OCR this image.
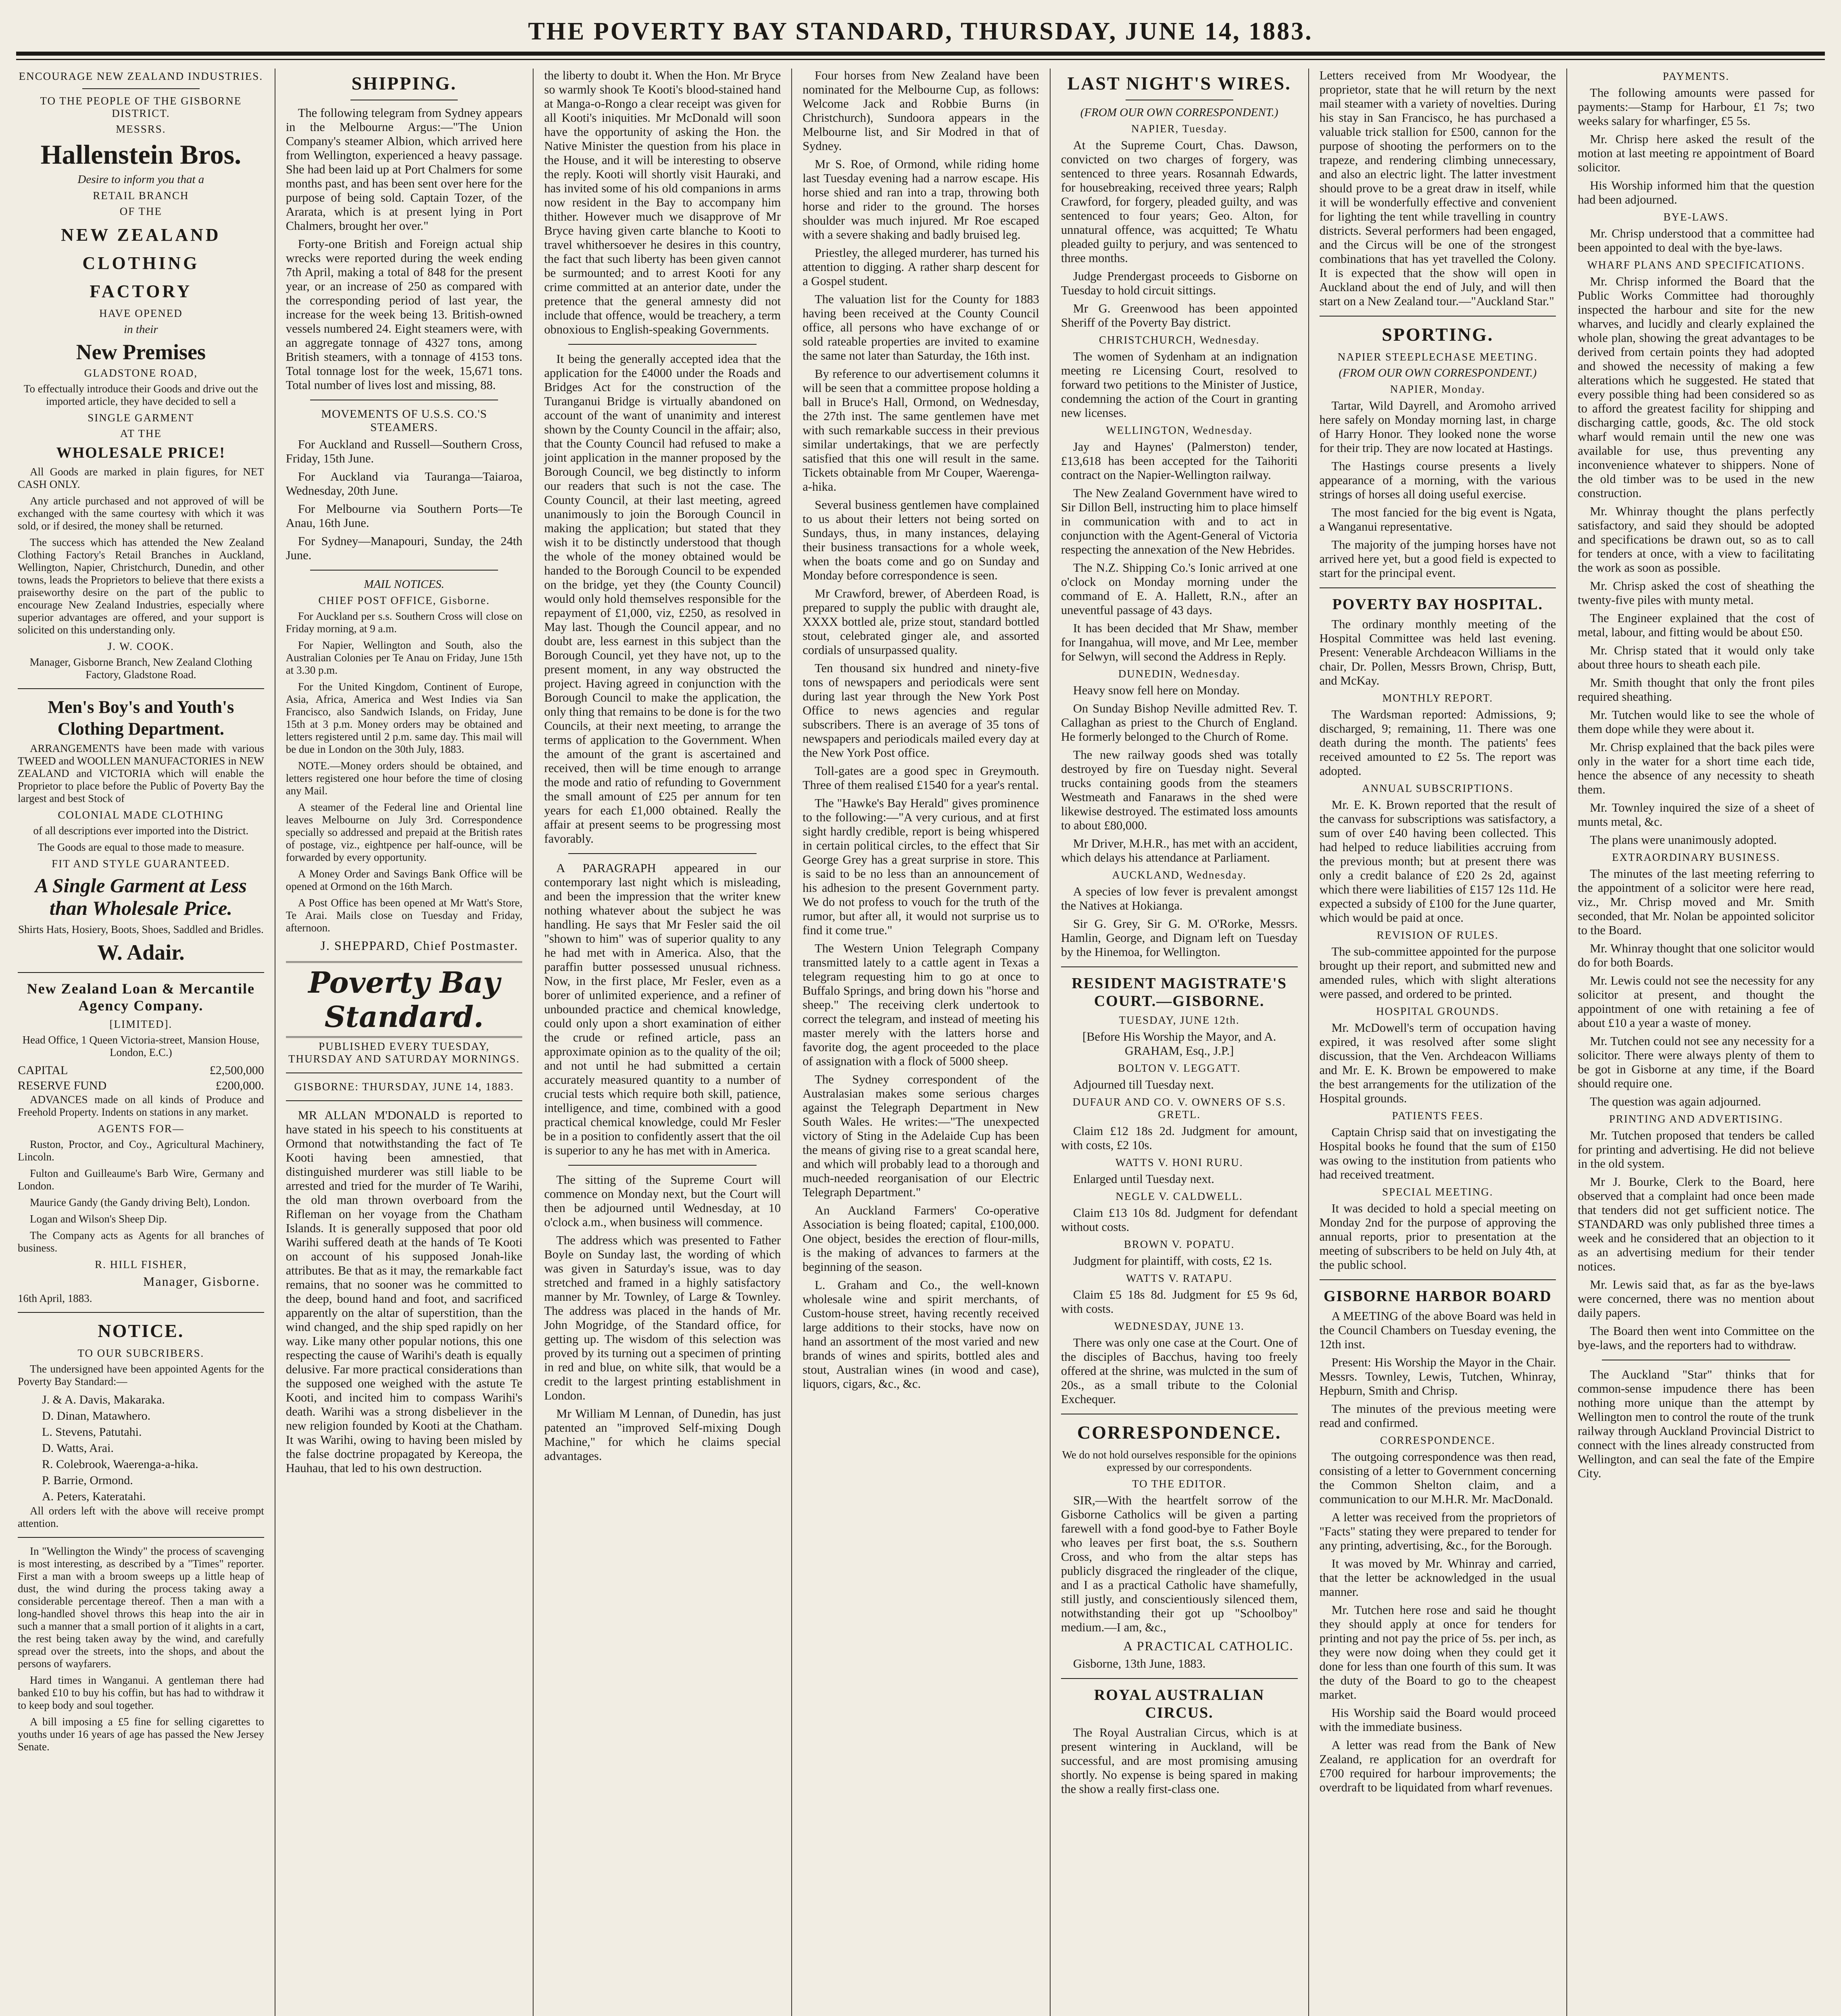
THE POVERTY BAY STANDARD, THURSDAY, JUNE 14, 1883.
ENCOURAGE NEW ZEALAND INDUSTRIES.
TO THE PEOPLE OF THE GISBORNE DISTRICT.
MESSRS.
Hallenstein Bros.
Desire to inform you that a
RETAIL BRANCH
OF THE
NEW ZEALAND
CLOTHING
FACTORY
HAVE OPENED
in their
New Premises
GLADSTONE ROAD,

To effectually introduce their Goods and drive out the imported article, they have decided to sell a

SINGLE GARMENT
AT THE
WHOLESALE PRICE!

All Goods are marked in plain figures, for NET CASH ONLY.

Any article purchased and not approved of will be exchanged with the same courtesy with which it was sold, or if desired, the money shall be returned.

The success which has attended the New Zealand Clothing Factory's Retail Branches in Auckland, Wellington, Napier, Christchurch, Dunedin, and other towns, leads the Proprietors to believe that there exists a praiseworthy desire on the part of the public to encourage New Zealand Industries, especially where superior advantages are offered, and your support is solicited on this understanding only.

J. W. COOK.

Manager, Gisborne Branch, New Zealand Clothing Factory, Gladstone Road.

Men's Boy's and Youth's Clothing Department.

ARRANGEMENTS have been made with various TWEED and WOOLLEN MANUFACTORIES in NEW ZEALAND and VICTORIA which will enable the Proprietor to place before the Public of Poverty Bay the largest and best Stock of

COLONIAL MADE CLOTHING

of all descriptions ever imported into the District.

The Goods are equal to those made to measure.

FIT AND STYLE GUARANTEED.
A Single Garment at Less than Wholesale Price.

Shirts Hats, Hosiery, Boots, Shoes, Saddled and Bridles.

W. Adair.
New Zealand Loan & Mercantile Agency Company.
[LIMITED].

Head Office, 1 Queen Victoria-street, Mansion House, London, E.C.)

CAPITAL	£2,500,000
RESERVE FUND	£200,000.

ADVANCES made on all kinds of Produce and Freehold Property. Indents on stations in any market.

AGENTS FOR—

Ruston, Proctor, and Coy., Agricultural Machinery, Lincoln.

Fulton and Guilleaume's Barb Wire, Germany and London.

Maurice Gandy (the Gandy driving Belt), London.

Logan and Wilson's Sheep Dip.

The Company acts as Agents for all branches of business.

R. HILL FISHER,
Manager, Gisborne.

16th April, 1883.

NOTICE.
TO OUR SUBCRIBERS.

The undersigned have been appointed Agents for the Poverty Bay Standard:—

J. & A. Davis, Makaraka.
D. Dinan, Matawhero.
L. Stevens, Patutahi.
D. Watts, Arai.
R. Colebrook, Waerenga-a-hika.
P. Barrie, Ormond.
A. Peters, Kateratahi.

All orders left with the above will receive prompt attention.

In "Wellington the Windy" the process of scavenging is most interesting, as described by a "Times" reporter. First a man with a broom sweeps up a little heap of dust, the wind during the process taking away a considerable percentage thereof. Then a man with a long-handled shovel throws this heap into the air in such a manner that a small portion of it alights in a cart, the rest being taken away by the wind, and carefully spread over the streets, into the shops, and about the persons of wayfarers.

Hard times in Wanganui. A gentleman there had banked £10 to buy his coffin, but has had to withdraw it to keep body and soul together.

A bill imposing a £5 fine for selling cigarettes to youths under 16 years of age has passed the New Jersey Senate.

SHIPPING.

The following telegram from Sydney appears in the Melbourne Argus:—"The Union Company's steamer Albion, which arrived here from Wellington, experienced a heavy passage. She had been laid up at Port Chalmers for some months past, and has been sent over here for the purpose of being sold. Captain Tozer, of the Ararata, which is at present lying in Port Chalmers, brought her over."

Forty-one British and Foreign actual ship wrecks were reported during the week ending 7th April, making a total of 848 for the present year, or an increase of 250 as compared with the corresponding period of last year, the increase for the week being 13. British-owned vessels numbered 24. Eight steamers were, with an aggregate tonnage of 4327 tons, among British steamers, with a tonnage of 4153 tons. Total tonnage lost for the week, 15,671 tons. Total number of lives lost and missing, 88.

MOVEMENTS OF U.S.S. CO.'S STEAMERS.

For Auckland and Russell—Southern Cross, Friday, 15th June.

For Auckland via Tauranga—Taiaroa, Wednesday, 20th June.

For Melbourne via Southern Ports—Te Anau, 16th June.

For Sydney—Manapouri, Sunday, the 24th June.

MAIL NOTICES.
CHIEF POST OFFICE, Gisborne.

For Auckland per s.s. Southern Cross will close on Friday morning, at 9 a.m.

For Napier, Wellington and South, also the Australian Colonies per Te Anau on Friday, June 15th at 3.30 p.m.

For the United Kingdom, Continent of Europe, Asia, Africa, America and West Indies via San Francisco, also Sandwich Islands, on Friday, June 15th at 3 p.m. Money orders may be obtained and letters registered until 2 p.m. same day. This mail will be due in London on the 30th July, 1883.

NOTE.—Money orders should be obtained, and letters registered one hour before the time of closing any Mail.

A steamer of the Federal line and Oriental line leaves Melbourne on July 3rd. Correspondence specially so addressed and prepaid at the British rates of postage, viz., eightpence per half-ounce, will be forwarded by every opportunity.

A Money Order and Savings Bank Office will be opened at Ormond on the 16th March.

A Post Office has been opened at Mr Watt's Store, Te Arai. Mails close on Tuesday and Friday, afternoon.

J. SHEPPARD, Chief Postmaster.
Poverty Bay Standard.
PUBLISHED EVERY TUESDAY, THURSDAY AND SATURDAY MORNINGS.
GISBORNE: THURSDAY, JUNE 14, 1883.

MR ALLAN M'DONALD is reported to have stated in his speech to his constituents at Ormond that notwithstanding the fact of Te Kooti having been amnestied, that distinguished murderer was still liable to be arrested and tried for the murder of Te Warihi, the old man thrown overboard from the Rifleman on her voyage from the Chatham Islands. It is generally supposed that poor old Warihi suffered death at the hands of Te Kooti on account of his supposed Jonah-like attributes. Be that as it may, the remarkable fact remains, that no sooner was he committed to the deep, bound hand and foot, and sacrificed apparently on the altar of superstition, than the wind changed, and the ship sped rapidly on her way. Like many other popular notions, this one respecting the cause of Warihi's death is equally delusive. Far more practical considerations than the supposed one weighed with the astute Te Kooti, and incited him to compass Warihi's death. Warihi was a strong disbeliever in the new religion founded by Kooti at the Chatham. It was Warihi, owing to having been misled by the false doctrine propagated by Kereopa, the Hauhau, that led to his own destruction.

the liberty to doubt it. When the Hon. Mr Bryce so warmly shook Te Kooti's blood-stained hand at Manga-o-Rongo a clear receipt was given for all Kooti's iniquities. Mr McDonald will soon have the opportunity of asking the Hon. the Native Minister the question from his place in the House, and it will be interesting to observe the reply. Kooti will shortly visit Hauraki, and has invited some of his old companions in arms now resident in the Bay to accompany him thither. However much we disapprove of Mr Bryce having given carte blanche to Kooti to travel whithersoever he desires in this country, the fact that such liberty has been given cannot be surmounted; and to arrest Kooti for any crime committed at an anterior date, under the pretence that the general amnesty did not include that offence, would be treachery, a term obnoxious to English-speaking Governments.

It being the generally accepted idea that the application for the £4000 under the Roads and Bridges Act for the construction of the Turanganui Bridge is virtually abandoned on account of the want of unanimity and interest shown by the County Council in the affair; also, that the County Council had refused to make a joint application in the manner proposed by the Borough Council, we beg distinctly to inform our readers that such is not the case. The County Council, at their last meeting, agreed unanimously to join the Borough Council in making the application; but stated that they wish it to be distinctly understood that though the whole of the money obtained would be handed to the Borough Council to be expended on the bridge, yet they (the County Council) would only hold themselves responsible for the repayment of £1,000, viz, £250, as resolved in May last. Though the Council appear, and no doubt are, less earnest in this subject than the Borough Council, yet they have not, up to the present moment, in any way obstructed the project. Having agreed in conjunction with the Borough Council to make the application, the only thing that remains to be done is for the two Councils, at their next meeting, to arrange the terms of application to the Government. When the amount of the grant is ascertained and received, then will be time enough to arrange the mode and ratio of refunding to Government the small amount of £25 per annum for ten years for each £1,000 obtained. Really the affair at present seems to be progressing most favorably.

A PARAGRAPH appeared in our contemporary last night which is misleading, and been the impression that the writer knew nothing whatever about the subject he was handling. He says that Mr Fesler said the oil "shown to him" was of superior quality to any he had met with in America. Also, that the paraffin butter possessed unusual richness. Now, in the first place, Mr Fesler, even as a borer of unlimited experience, and a refiner of unbounded practice and chemical knowledge, could only upon a short examination of either the crude or refined article, pass an approximate opinion as to the quality of the oil; and not until he had submitted a certain accurately measured quantity to a number of crucial tests which require both skill, patience, intelligence, and time, combined with a good practical chemical knowledge, could Mr Fesler be in a position to confidently assert that the oil is superior to any he has met with in America.

The sitting of the Supreme Court will commence on Monday next, but the Court will then be adjourned until Wednesday, at 10 o'clock a.m., when business will commence.

The address which was presented to Father Boyle on Sunday last, the wording of which was given in Saturday's issue, was to day stretched and framed in a highly satisfactory manner by Mr. Townley, of Large & Townley. The address was placed in the hands of Mr. John Mogridge, of the Standard office, for getting up. The wisdom of this selection was proved by its turning out a specimen of printing in red and blue, on white silk, that would be a credit to the largest printing establishment in London.

Mr William M Lennan, of Dunedin, has just patented an "improved Self-mixing Dough Machine," for which he claims special advantages.

Four horses from New Zealand have been nominated for the Melbourne Cup, as follows: Welcome Jack and Robbie Burns (in Christchurch), Sundoora appears in the Melbourne list, and Sir Modred in that of Sydney.

Mr S. Roe, of Ormond, while riding home last Tuesday evening had a narrow escape. His horse shied and ran into a trap, throwing both horse and rider to the ground. The horses shoulder was much injured. Mr Roe escaped with a severe shaking and badly bruised leg.

Priestley, the alleged murderer, has turned his attention to digging. A rather sharp descent for a Gospel student.

The valuation list for the County for 1883 having been received at the County Council office, all persons who have exchange of or sold rateable properties are invited to examine the same not later than Saturday, the 16th inst.

By reference to our advertisement columns it will be seen that a committee propose holding a ball in Bruce's Hall, Ormond, on Wednesday, the 27th inst. The same gentlemen have met with such remarkable success in their previous similar undertakings, that we are perfectly satisfied that this one will result in the same. Tickets obtainable from Mr Couper, Waerenga-a-hika.

Several business gentlemen have complained to us about their letters not being sorted on Sundays, thus, in many instances, delaying their business transactions for a whole week, when the boats come and go on Sunday and Monday before correspondence is seen.

Mr Crawford, brewer, of Aberdeen Road, is prepared to supply the public with draught ale, XXXX bottled ale, prize stout, standard bottled stout, celebrated ginger ale, and assorted cordials of unsurpassed quality.

Ten thousand six hundred and ninety-five tons of newspapers and periodicals were sent during last year through the New York Post Office to news agencies and regular subscribers. There is an average of 35 tons of newspapers and periodicals mailed every day at the New York Post office.

Toll-gates are a good spec in Greymouth. Three of them realised £1540 for a year's rental.

The "Hawke's Bay Herald" gives prominence to the following:—"A very curious, and at first sight hardly credible, report is being whispered in certain political circles, to the effect that Sir George Grey has a great surprise in store. This is said to be no less than an announcement of his adhesion to the present Government party. We do not profess to vouch for the truth of the rumor, but after all, it would not surprise us to find it come true."

The Western Union Telegraph Company transmitted lately to a cattle agent in Texas a telegram requesting him to go at once to Buffalo Springs, and bring down his "horse and sheep." The receiving clerk undertook to correct the telegram, and instead of meeting his master merely with the latters horse and favorite dog, the agent proceeded to the place of assignation with a flock of 5000 sheep.

The Sydney correspondent of the Australasian makes some serious charges against the Telegraph Department in New South Wales. He writes:—"The unexpected victory of Sting in the Adelaide Cup has been the means of giving rise to a great scandal here, and which will probably lead to a thorough and much-needed reorganisation of our Electric Telegraph Department."

An Auckland Farmers' Co-operative Association is being floated; capital, £100,000. One object, besides the erection of flour-mills, is the making of advances to farmers at the beginning of the season.

L. Graham and Co., the well-known wholesale wine and spirit merchants, of Custom-house street, having recently received large additions to their stocks, have now on hand an assortment of the most varied and new brands of wines and spirits, bottled ales and stout, Australian wines (in wood and case), liquors, cigars, &c., &c.

LAST NIGHT'S WIRES.
(FROM OUR OWN CORRESPONDENT.)
NAPIER, Tuesday.

At the Supreme Court, Chas. Dawson, convicted on two charges of forgery, was sentenced to three years. Rosannah Edwards, for housebreaking, received three years; Ralph Crawford, for forgery, pleaded guilty, and was sentenced to four years; Geo. Alton, for unnatural offence, was acquitted; Te Whatu pleaded guilty to perjury, and was sentenced to three months.

Judge Prendergast proceeds to Gisborne on Tuesday to hold circuit sittings.

Mr G. Greenwood has been appointed Sheriff of the Poverty Bay district.

CHRISTCHURCH, Wednesday.

The women of Sydenham at an indignation meeting re Licensing Court, resolved to forward two petitions to the Minister of Justice, condemning the action of the Court in granting new licenses.

WELLINGTON, Wednesday.

Jay and Haynes' (Palmerston) tender, £13,618 has been accepted for the Taihoriti contract on the Napier-Wellington railway.

The New Zealand Government have wired to Sir Dillon Bell, instructing him to place himself in communication with and to act in conjunction with the Agent-General of Victoria respecting the annexation of the New Hebrides.

The N.Z. Shipping Co.'s Ionic arrived at one o'clock on Monday morning under the command of E. A. Hallett, R.N., after an uneventful passage of 43 days.

It has been decided that Mr Shaw, member for Inangahua, will move, and Mr Lee, member for Selwyn, will second the Address in Reply.

DUNEDIN, Wednesday.

Heavy snow fell here on Monday.

On Sunday Bishop Neville admitted Rev. T. Callaghan as priest to the Church of England. He formerly belonged to the Church of Rome.

The new railway goods shed was totally destroyed by fire on Tuesday night. Several trucks containing goods from the steamers Westmeath and Fanaraws in the shed were likewise destroyed. The estimated loss amounts to about £80,000.

Mr Driver, M.H.R., has met with an accident, which delays his attendance at Parliament.

AUCKLAND, Wednesday.

A species of low fever is prevalent amongst the Natives at Hokianga.

Sir G. Grey, Sir G. M. O'Rorke, Messrs. Hamlin, George, and Dignam left on Tuesday by the Hinemoa, for Wellington.

RESIDENT MAGISTRATE'S COURT.—GISBORNE.
TUESDAY, JUNE 12th.

[Before His Worship the Mayor, and A. GRAHAM, Esq., J.P.]

BOLTON V. LEGGATT.

Adjourned till Tuesday next.

DUFAUR AND CO. V. OWNERS OF S.S. GRETL.

Claim £12 18s 2d. Judgment for amount, with costs, £2 10s.

WATTS V. HONI RURU.

Enlarged until Tuesday next.

NEGLE V. CALDWELL.

Claim £13 10s 8d. Judgment for defendant without costs.

BROWN V. POPATU.

Judgment for plaintiff, with costs, £2 1s.

WATTS V. RATAPU.

Claim £5 18s 8d. Judgment for £5 9s 6d, with costs.

WEDNESDAY, JUNE 13.

There was only one case at the Court. One of the disciples of Bacchus, having too freely offered at the shrine, was mulcted in the sum of 20s., as a small tribute to the Colonial Exchequer.

CORRESPONDENCE.

We do not hold ourselves responsible for the opinions expressed by our correspondents.

TO THE EDITOR.

SIR,—With the heartfelt sorrow of the Gisborne Catholics will be given a parting farewell with a fond good-bye to Father Boyle who leaves per first boat, the s.s. Southern Cross, and who from the altar steps has publicly disgraced the ringleader of the clique, and I as a practical Catholic have shamefully, still justly, and conscientiously silenced them, notwithstanding their got up "Schoolboy" medium.—I am, &c.,

A PRACTICAL CATHOLIC.

Gisborne, 13th June, 1883.

ROYAL AUSTRALIAN CIRCUS.

The Royal Australian Circus, which is at present wintering in Auckland, will be successful, and are most promising amusing shortly. No expense is being spared in making the show a really first-class one.

Letters received from Mr Woodyear, the proprietor, state that he will return by the next mail steamer with a variety of novelties. During his stay in San Francisco, he has purchased a valuable trick stallion for £500, cannon for the purpose of shooting the performers on to the trapeze, and rendering climbing unnecessary, and also an electric light. The latter investment should prove to be a great draw in itself, while it will be wonderfully effective and convenient for lighting the tent while travelling in country districts. Several performers had been engaged, and the Circus will be one of the strongest combinations that has yet travelled the Colony. It is expected that the show will open in Auckland about the end of July, and will then start on a New Zealand tour.—"Auckland Star."

SPORTING.
NAPIER STEEPLECHASE MEETING.
(FROM OUR OWN CORRESPONDENT.)
NAPIER, Monday.

Tartar, Wild Dayrell, and Aromoho arrived here safely on Monday morning last, in charge of Harry Honor. They looked none the worse for their trip. They are now located at Hastings.

The Hastings course presents a lively appearance of a morning, with the various strings of horses all doing useful exercise.

The most fancied for the big event is Ngata, a Wanganui representative.

The majority of the jumping horses have not arrived here yet, but a good field is expected to start for the principal event.

POVERTY BAY HOSPITAL.

The ordinary monthly meeting of the Hospital Committee was held last evening. Present: Venerable Archdeacon Williams in the chair, Dr. Pollen, Messrs Brown, Chrisp, Butt, and McKay.

MONTHLY REPORT.

The Wardsman reported: Admissions, 9; discharged, 9; remaining, 11. There was one death during the month. The patients' fees received amounted to £2 5s. The report was adopted.

ANNUAL SUBSCRIPTIONS.

Mr. E. K. Brown reported that the result of the canvass for subscriptions was satisfactory, a sum of over £40 having been collected. This had helped to reduce liabilities accruing from the previous month; but at present there was only a credit balance of £20 2s 2d, against which there were liabilities of £157 12s 11d. He expected a subsidy of £100 for the June quarter, which would be paid at once.

REVISION OF RULES.

The sub-committee appointed for the purpose brought up their report, and submitted new and amended rules, which with slight alterations were passed, and ordered to be printed.

HOSPITAL GROUNDS.

Mr. McDowell's term of occupation having expired, it was resolved after some slight discussion, that the Ven. Archdeacon Williams and Mr. E. K. Brown be empowered to make the best arrangements for the utilization of the Hospital grounds.

PATIENTS FEES.

Captain Chrisp said that on investigating the Hospital books he found that the sum of £150 was owing to the institution from patients who had received treatment.

SPECIAL MEETING.

It was decided to hold a special meeting on Monday 2nd for the purpose of approving the annual reports, prior to presentation at the meeting of subscribers to be held on July 4th, at the public school.

GISBORNE HARBOR BOARD

A MEETING of the above Board was held in the Council Chambers on Tuesday evening, the 12th inst.

Present: His Worship the Mayor in the Chair. Messrs. Townley, Lewis, Tutchen, Whinray, Hepburn, Smith and Chrisp.

The minutes of the previous meeting were read and confirmed.

CORRESPONDENCE.

The outgoing correspondence was then read, consisting of a letter to Government concerning the Common Shelton claim, and a communication to our M.H.R. Mr. MacDonald.

A letter was received from the proprietors of "Facts" stating they were prepared to tender for any printing, advertising, &c., for the Borough.

It was moved by Mr. Whinray and carried, that the letter be acknowledged in the usual manner.

Mr. Tutchen here rose and said he thought they should apply at once for tenders for printing and not pay the price of 5s. per inch, as they were now doing when they could get it done for less than one fourth of this sum. It was the duty of the Board to go to the cheapest market.

His Worship said the Board would proceed with the immediate business.

A letter was read from the Bank of New Zealand, re application for an overdraft for £700 required for harbour improvements; the overdraft to be liquidated from wharf revenues.

PAYMENTS.

The following amounts were passed for payments:—Stamp for Harbour, £1 7s; two weeks salary for wharfinger, £5 5s.

Mr. Chrisp here asked the result of the motion at last meeting re appointment of Board solicitor.

His Worship informed him that the question had been adjourned.

BYE-LAWS.

Mr. Chrisp understood that a committee had been appointed to deal with the bye-laws.

WHARF PLANS AND SPECIFICATIONS.

Mr. Chrisp informed the Board that the Public Works Committee had thoroughly inspected the harbour and site for the new wharves, and lucidly and clearly explained the whole plan, showing the great advantages to be derived from certain points they had adopted and showed the necessity of making a few alterations which he suggested. He stated that every possible thing had been considered so as to afford the greatest facility for shipping and discharging cattle, goods, &c. The old stock wharf would remain until the new one was available for use, thus preventing any inconvenience whatever to shippers. None of the old timber was to be used in the new construction.

Mr. Whinray thought the plans perfectly satisfactory, and said they should be adopted and specifications be drawn out, so as to call for tenders at once, with a view to facilitating the work as soon as possible.

Mr. Chrisp asked the cost of sheathing the twenty-five piles with munty metal.

The Engineer explained that the cost of metal, labour, and fitting would be about £50.

Mr. Chrisp stated that it would only take about three hours to sheath each pile.

Mr. Smith thought that only the front piles required sheathing.

Mr. Tutchen would like to see the whole of them dope while they were about it.

Mr. Chrisp explained that the back piles were only in the water for a short time each tide, hence the absence of any necessity to sheath them.

Mr. Townley inquired the size of a sheet of munts metal, &c.

The plans were unanimously adopted.

EXTRAORDINARY BUSINESS.

The minutes of the last meeting referring to the appointment of a solicitor were here read, viz., Mr. Chrisp moved and Mr. Smith seconded, that Mr. Nolan be appointed solicitor to the Board.

Mr. Whinray thought that one solicitor would do for both Boards.

Mr. Lewis could not see the necessity for any solicitor at present, and thought the appointment of one with retaining a fee of about £10 a year a waste of money.

Mr. Tutchen could not see any necessity for a solicitor. There were always plenty of them to be got in Gisborne at any time, if the Board should require one.

The question was again adjourned.

PRINTING AND ADVERTISING.

Mr. Tutchen proposed that tenders be called for printing and advertising. He did not believe in the old system.

Mr J. Bourke, Clerk to the Board, here observed that a complaint had once been made that tenders did not get sufficient notice. The STANDARD was only published three times a week and he considered that an objection to it as an advertising medium for their tender notices.

Mr. Lewis said that, as far as the bye-laws were concerned, there was no mention about daily papers.

The Board then went into Committee on the bye-laws, and the reporters had to withdraw.

The Auckland "Star" thinks that for common-sense impudence there has been nothing more unique than the attempt by Wellington men to control the route of the trunk railway through Auckland Provincial District to connect with the lines already constructed from Wellington, and can seal the fate of the Empire City.
